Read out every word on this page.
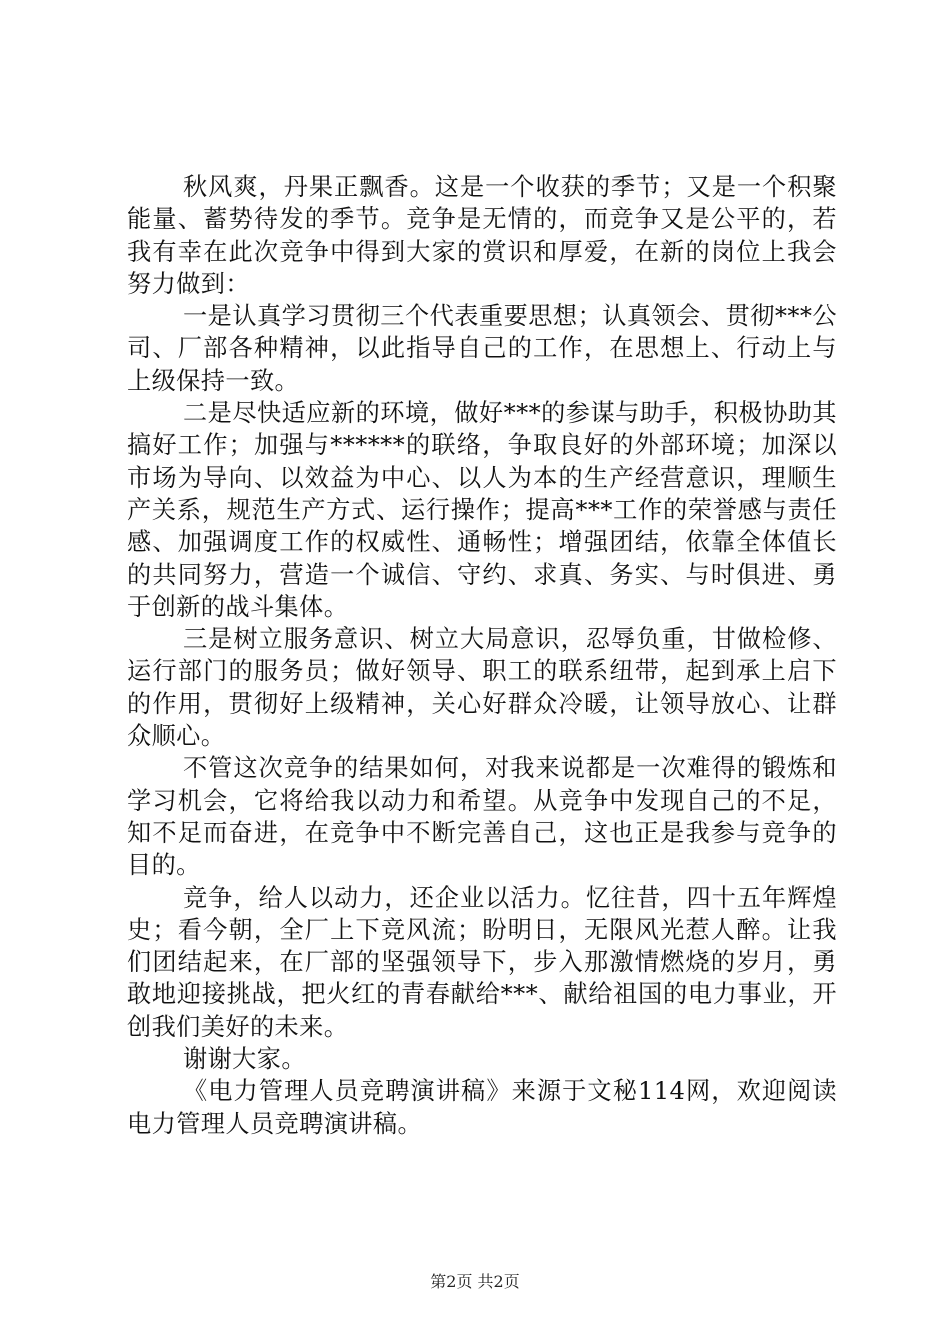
秋风爽，丹果正飘香。这是一个收获的季节；又是一个积聚能量、蓄势待发的季节。竞争是无情的，而竞争又是公平的，若我有幸在此次竞争中得到大家的赏识和厚爱，在新的岗位上我会努力做到：

一是认真学习贯彻三个代表重要思想；认真领会、贯彻***公司、厂部各种精神，以此指导自己的工作，在思想上、行动上与上级保持一致。

二是尽快适应新的环境，做好***的参谋与助手，积极协助其搞好工作；加强与******的联络，争取良好的外部环境；加深以市场为导向、以效益为中心、以人为本的生产经营意识，理顺生产关系，规范生产方式、运行操作；提高***工作的荣誉感与责任感、加强调度工作的权威性、通畅性；增强团结，依靠全体值长的共同努力，营造一个诚信、守约、求真、务实、与时俱进、勇于创新的战斗集体。

三是树立服务意识、树立大局意识，忍辱负重，甘做检修、运行部门的服务员；做好领导、职工的联系纽带，起到承上启下的作用，贯彻好上级精神，关心好群众冷暖，让领导放心、让群众顺心。

不管这次竞争的结果如何，对我来说都是一次难得的锻炼和学习机会，它将给我以动力和希望。从竞争中发现自己的不足，知不足而奋进，在竞争中不断完善自己，这也正是我参与竞争的目的。

竞争，给人以动力，还企业以活力。忆往昔，四十五年辉煌史；看今朝，全厂上下竞风流；盼明日，无限风光惹人醉。让我们团结起来，在厂部的坚强领导下，步入那激情燃烧的岁月，勇敢地迎接挑战，把火红的青春献给***、献给祖国的电力事业，开创我们美好的未来。

谢谢大家。

《电力管理人员竞聘演讲稿》来源于文秘114网，欢迎阅读电力管理人员竞聘演讲稿。

第2页 共2页
